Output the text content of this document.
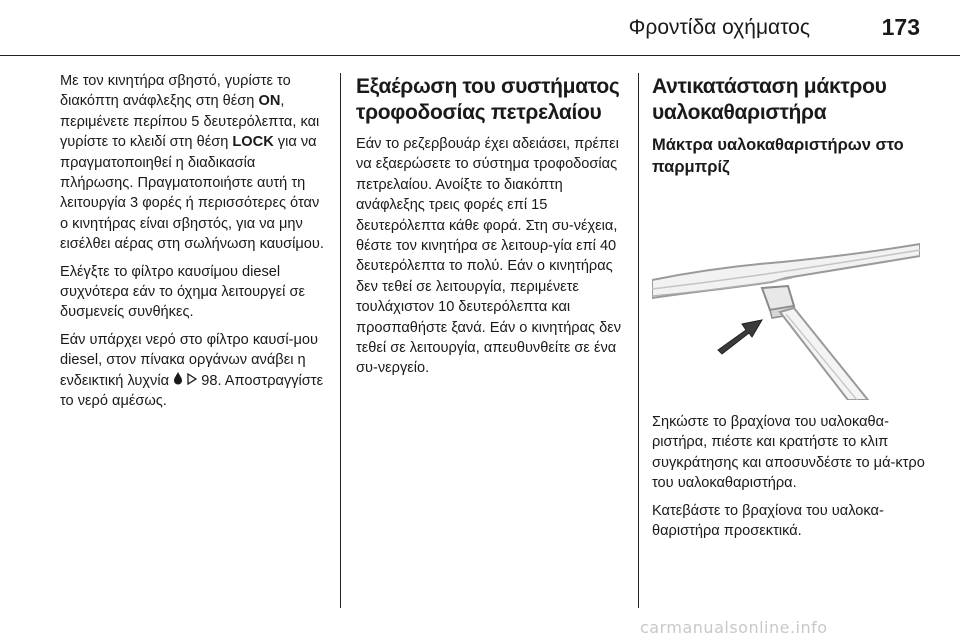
Φροντίδα οχήματος	173

Με τον κινητήρα σβηστό, γυρίστε το διακόπτη ανάφλεξης στη θέση ON, περιμένετε περίπου 5 δευτερόλεπτα, και γυρίστε το κλειδί στη θέση LOCK για να πραγματοποιηθεί η διαδικασία πλήρωσης. Πραγματοποιήστε αυτή τη λειτουργία 3 φορές ή περισσότερες όταν ο κινητήρας είναι σβηστός, για να μην εισέλθει αέρας στη σωλήνωση καυσίμου.

Ελέγξτε το φίλτρο καυσίμου diesel συχνότερα εάν το όχημα λειτουργεί σε δυσμενείς συνθήκες.

Εάν υπάρχει νερό στο φίλτρο καυσί-μου diesel, στον πίνακα οργάνων ανάβει η ενδεικτική λυχνία 98. Αποστραγγίστε το νερό αμέσως.

Εξαέρωση του συστήματος τροφοδοσίας πετρελαίου

Εάν το ρεζερβουάρ έχει αδειάσει, πρέπει να εξαερώσετε το σύστημα τροφοδοσίας πετρελαίου. Ανοίξτε το διακόπτη ανάφλεξης τρεις φορές επί 15 δευτερόλεπτα κάθε φορά. Στη συ-νέχεια, θέστε τον κινητήρα σε λειτουρ-γία επί 40 δευτερόλεπτα το πολύ. Εάν ο κινητήρας δεν τεθεί σε λειτουργία, περιμένετε τουλάχιστον 10 δευτερόλεπτα και προσπαθήστε ξανά. Εάν ο κινητήρας δεν τεθεί σε λειτουργία, απευθυνθείτε σε ένα συ-νεργείο.

Αντικατάσταση μάκτρου υαλοκαθαριστήρα
Μάκτρα υαλοκαθαριστήρων στο παρμπρίζ

Σηκώστε το βραχίονα του υαλοκαθα-ριστήρα, πιέστε και κρατήστε το κλιπ συγκράτησης και αποσυνδέστε το μά-κτρο του υαλοκαθαριστήρα.

Κατεβάστε το βραχίονα του υαλοκα-θαριστήρα προσεκτικά.

carmanualsonline.info
